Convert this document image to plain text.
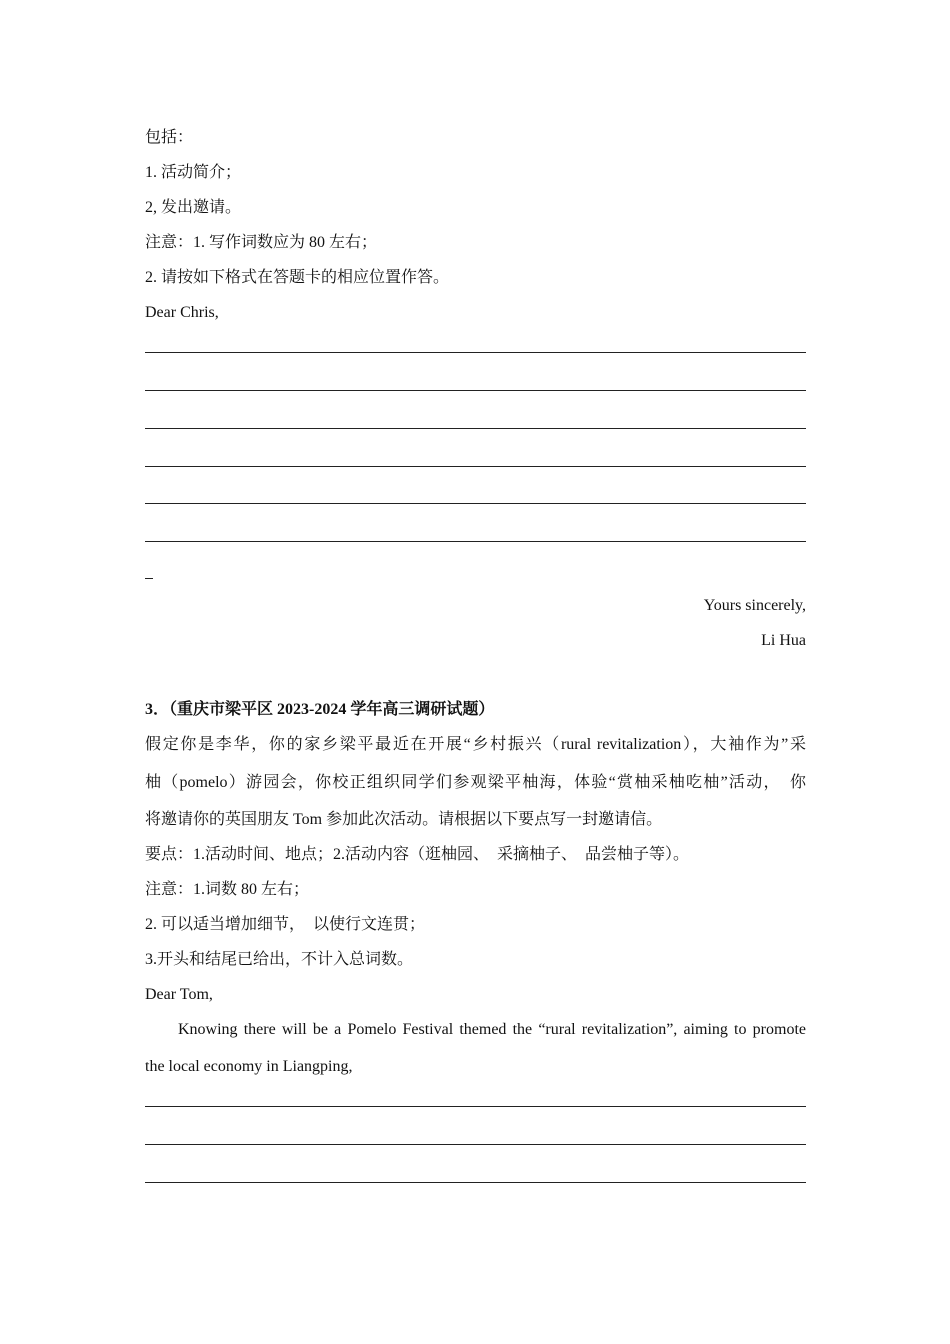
包括：
1. 活动简介；
2, 发出邀请。
注意：1. 写作词数应为 80 左右；
2. 请按如下格式在答题卡的相应位置作答。
Dear Chris,
Yours sincerely,
Li Hua
3．（重庆市梁平区 2023-2024 学年高三调研试题）
假定你是李华，你的家乡梁平最近在开展“乡村振兴（rural revitalization），大袖作为”采
柚（pomelo）游园会，你校正组织同学们参观梁平柚海，体验“赏柚采柚吃柚”活动，　你
将邀请你的英国朋友 Tom 参加此次活动。请根据以下要点写一封邀请信。
要点：1.活动时间、地点；2.活动内容（逛柚园、　采摘柚子、　品尝柚子等）。
注意：1.词数 80 左右；
2. 可以适当增加细节，　以使行文连贯；
3.开头和结尾已给出，不计入总词数。
Dear Tom,
Knowing there will be a Pomelo Festival themed the “rural revitalization”, aiming to promote
the local economy in Liangping,
